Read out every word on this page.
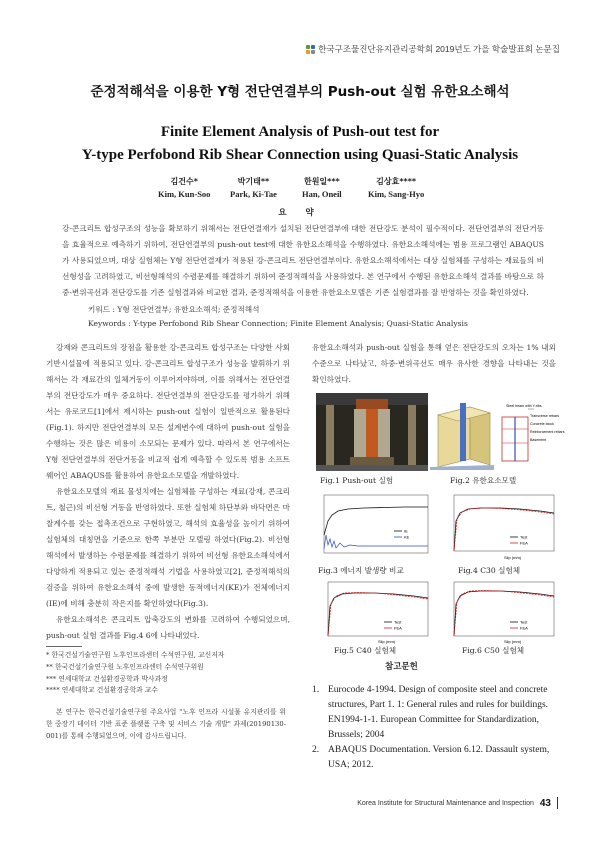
한국구조물진단유지관리공학회 2019년도 가을 학술발표회 논문집
준정적해석을 이용한 Y형 전단연결부의 Push-out 실험 유한요소해석
Finite Element Analysis of Push-out test for
Y-type Perfobond Rib Shear Connection using Quasi-Static Analysis
김건수*
Kim, Kun-Soo
박기태**
Park, Ki-Tae
한원일***
Han, Oneil
김상효****
Kim, Sang-Hyo
요 약
강-콘크리트 합성구조의 성능을 확보하기 위해서는 전단연결재가 설치된 전단연결부에 대한 전단강도 분석이 필수적이다. 전단연결부의 전단거동을 효율적으로 예측하기 위하여, 전단연결부의 push-out test에 대한 유한요소해석을 수행하였다. 유한요소해석에는 범용 프로그램인 ABAQUS가 사용되었으며, 대상 실험체는 Y형 전단연결재가 적용된 강-콘크리트 전단연결부이다. 유한요소해석에서는 대상 실험체를 구성하는 재료들의 비선형성을 고려하였고, 비선형해석의 수렴문제를 해결하기 위하여 준정적해석을 사용하였다. 본 연구에서 수행된 유한요소해석 결과를 바탕으로 하중-변위곡선과 전단강도를 기존 실험결과와 비교한 결과, 준정적해석을 이용한 유한요소모델은 기존 실험결과를 잘 반영하는 것을 확인하였다.
키워드 : Y형 전단연결부; 유한요소해석; 준정적해석
Keywords : Y-type Perfobond Rib Shear Connection; Finite Element Analysis; Quasi-Static Analysis

강재와 콘크리트의 장점을 활용한 강-콘크리트 합성구조는 다양한 사회기반시설물에 적용되고 있다. 강-콘크리트 합성구조가 성능을 발휘하기 위해서는 각 재료간의 일체거동이 이루어져야하며, 이를 위해서는 전단연결부의 전단강도가 매우 중요하다. 전단연결부의 전단강도를 평가하기 위해서는 유로코드[1]에서 제시하는 push-out 실험이 일반적으로 활용된다(Fig.1). 하지만 전단연결부의 모든 설계변수에 대하여 push-out 실험을 수행하는 것은 많은 비용이 소모되는 문제가 있다. 따라서 본 연구에서는 Y형 전단연결부의 전단거동을 비교적 쉽게 예측할 수 있도록 범용 소프트웨어인 ABAQUS를 활용하여 유한요소모델을 개발하였다.

유한요소모델의 재료 물성치에는 실험체를 구성하는 재료(강재, 콘크리트, 철근)의 비선형 거동을 반영하였다. 또한 실험체 하단부와 바닥면은 마찰계수를 갖는 접촉조건으로 구현하였고, 해석의 효율성을 높이기 위하여 실험체의 대칭면을 기준으로 한쪽 부분만 모델링 하였다(Fig.2). 비선형 해석에서 발생하는 수렴문제를 해결하기 위하여 비선형 유한요소해석에서 다양하게 적용되고 있는 준정적해석 기법을 사용하였고[2], 준정적해석의 검증을 위하여 유한요소해석 중에 발생한 동적에너지(KE)가 전체에너지(IE)에 비해 충분히 작은지를 확인하였다(Fig.3).

유한요소해석은 콘크리트 압축강도의 변화를 고려하여 수행되었으며, push-out 실험 결과를 Fig.4 6에 나타내었다.

유한요소해석과 push-out 실험을 통해 얻은 전단강도의 오차는 1% 내외 수준으로 나타났고, 하중-변위곡선도 매우 유사한 경향을 나타내는 것을 확인하였다.

Steel beam with Y-ribs
Transverse rebars
Concrete block
Reinforcement rebars
Basement
Fig.1 Push-out 실험	Fig.2 유한요소모델
IE
KE
Slip (mm)
Test
FEA
Fig.3 에너지 발생량 비교	Fig.4 C30 실험체
Slip (mm)
Test
FEA
Slip (mm)
Test
FEA
Fig.5 C40 실험체	Fig.6 C50 실험체
참고문헌
1. Eurocode 4-1994. Design of composite steel and concrete structures, Part 1. 1: General rules and rules for buildings. EN1994-1-1. European Committee for Standardization, Brussels; 2004
2. ABAQUS Documentation. Version 6.12. Dassault system, USA; 2012.
* 한국건설기술연구원 노후인프라센터 수석연구원, 교신저자
** 한국건설기술연구원 노후인프라센터 수석연구위원
*** 연세대학교 건설환경공학과 박사과정
**** 연세대학교 건설환경공학과 교수
본 연구는 한국건설기술연구원 주요사업 "노후 인프라 시설물 유지관리를 위한 중장기 데이터 기반 표준 플랫폼 구축 및 서비스 기술 개발" 과제(20190130-001)를 통해 수행되었으며, 이에 감사드립니다.
Korea Institute for Structural Maintenance and Inspection 43
